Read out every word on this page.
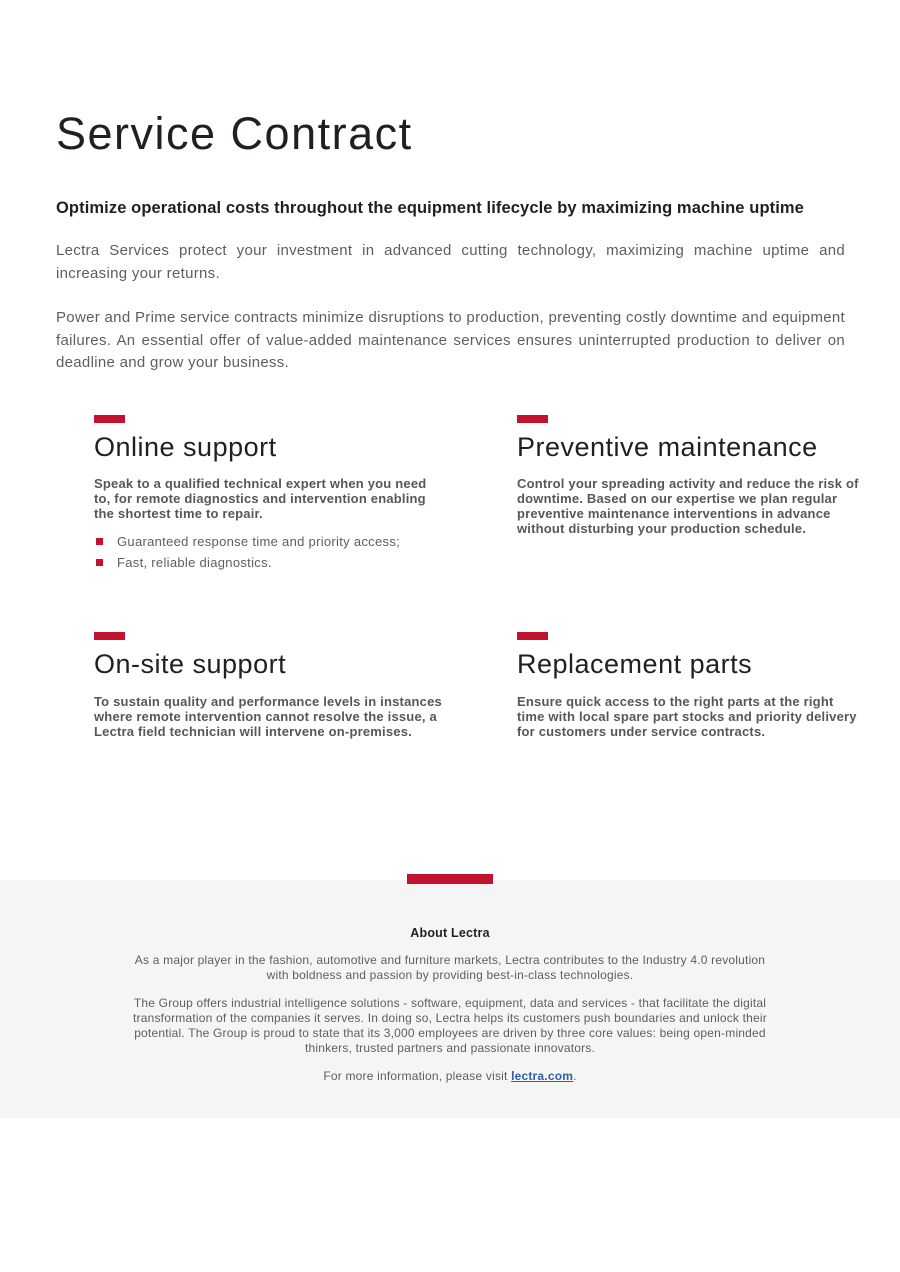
Service Contract
Optimize operational costs throughout the equipment lifecycle by maximizing machine uptime

Lectra Services protect your investment in advanced cutting technology, maximizing machine uptime and increasing your returns.

Power and Prime service contracts minimize disruptions to production, preventing costly downtime and equipment failures. An essential offer of value-added maintenance services ensures uninterrupted production to deliver on deadline and grow your business.

Online support
Speak to a qualified technical expert when you need to, for remote diagnostics and intervention enabling the shortest time to repair.
Guaranteed response time and priority access;
Fast, reliable diagnostics.
Preventive maintenance
Control your spreading activity and reduce the risk of downtime. Based on our expertise we plan regular preventive maintenance interventions in advance without disturbing your production schedule.
On-site support
To sustain quality and performance levels in instances where remote intervention cannot resolve the issue, a Lectra field technician will intervene on-premises.
Replacement parts
Ensure quick access to the right parts at the right time with local spare part stocks and priority delivery for customers under service contracts.
About Lectra

As a major player in the fashion, automotive and furniture markets, Lectra contributes to the Industry 4.0 revolution with boldness and passion by providing best-in-class technologies.

The Group offers industrial intelligence solutions - software, equipment, data and services - that facilitate the digital transformation of the companies it serves. In doing so, Lectra helps its customers push boundaries and unlock their potential. The Group is proud to state that its 3,000 employees are driven by three core values: being open-minded thinkers, trusted partners and passionate innovators.

For more information, please visit lectra.com.
